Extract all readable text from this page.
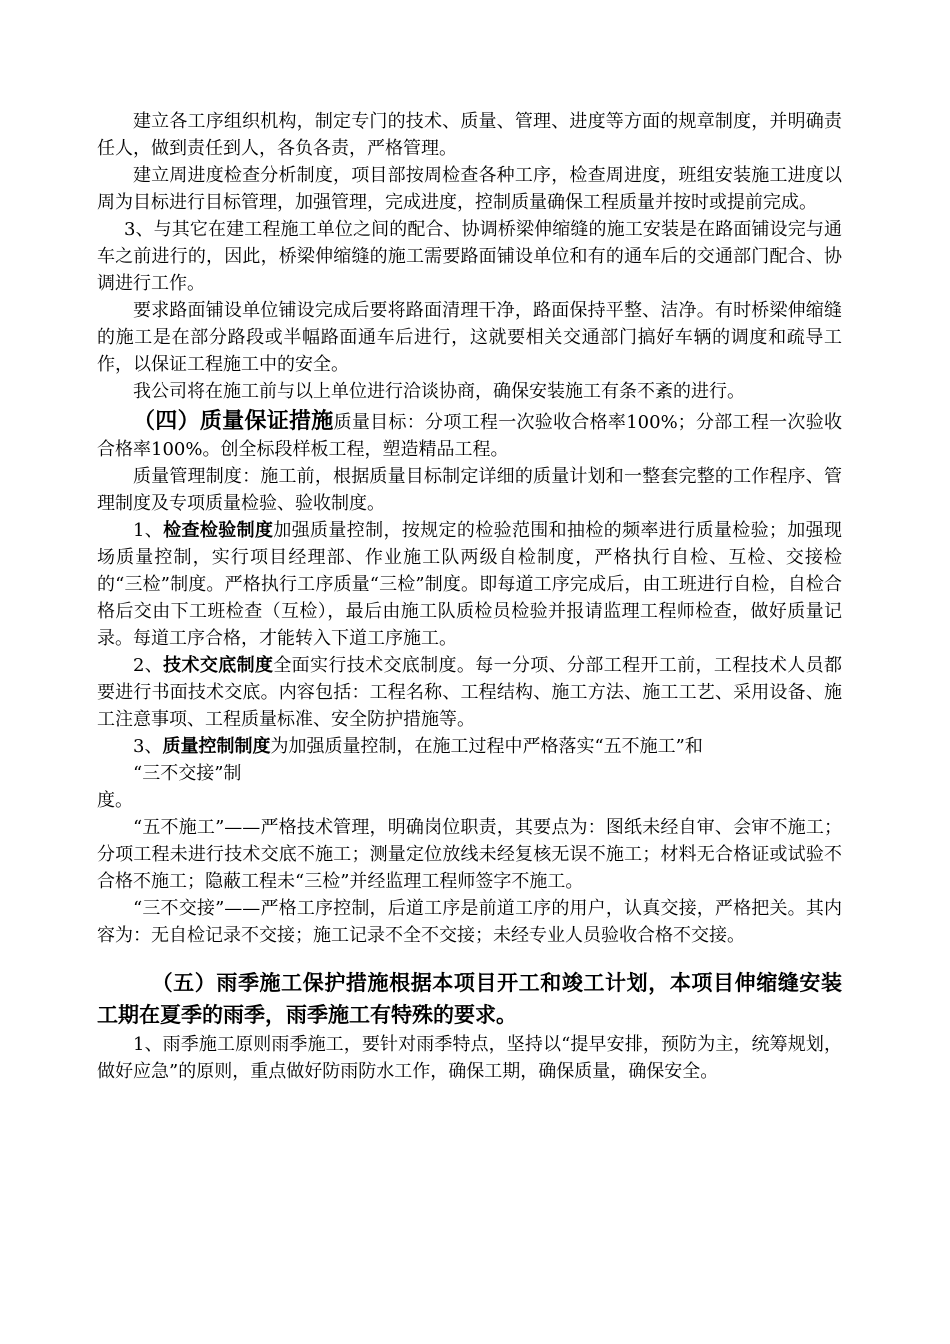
建立各工序组织机构，制定专门的技术、质量、管理、进度等方面的规章制度，并明确责任人，做到责任到人，各负各责，严格管理。

建立周进度检查分析制度，项目部按周检查各种工序，检查周进度，班组安装施工进度以周为目标进行目标管理，加强管理，完成进度，控制质量确保工程质量并按时或提前完成。

3、与其它在建工程施工单位之间的配合、协调桥梁伸缩缝的施工安装是在路面铺设完与通车之前进行的，因此，桥梁伸缩缝的施工需要路面铺设单位和有的通车后的交通部门配合、协调进行工作。

要求路面铺设单位铺设完成后要将路面清理干净，路面保持平整、洁净。有时桥梁伸缩缝的施工是在部分路段或半幅路面通车后进行，这就要相关交通部门搞好车辆的调度和疏导工作，以保证工程施工中的安全。

我公司将在施工前与以上单位进行洽谈协商，确保安装施工有条不紊的进行。

（四）质量保证措施质量目标：分项工程一次验收合格率100%；分部工程一次验收合格率100%。创全标段样板工程，塑造精品工程。

质量管理制度：施工前，根据质量目标制定详细的质量计划和一整套完整的工作程序、管理制度及专项质量检验、验收制度。

1、检查检验制度加强质量控制，按规定的检验范围和抽检的频率进行质量检验；加强现场质量控制，实行项目经理部、作业施工队两级自检制度，严格执行自检、互检、交接检的“三检”制度。严格执行工序质量“三检”制度。即每道工序完成后，由工班进行自检，自检合格后交由下工班检查（互检），最后由施工队质检员检验并报请监理工程师检查，做好质量记录。每道工序合格，才能转入下道工序施工。

2、技术交底制度全面实行技术交底制度。每一分项、分部工程开工前，工程技术人员都要进行书面技术交底。内容包括：工程名称、工程结构、施工方法、施工工艺、采用设备、施工注意事项、工程质量标准、安全防护措施等。

3、质量控制制度为加强质量控制，在施工过程中严格落实“五不施工”和

“三不交接”制

度。

“五不施工”——严格技术管理，明确岗位职责，其要点为：图纸未经自审、会审不施工；分项工程未进行技术交底不施工；测量定位放线未经复核无误不施工；材料无合格证或试验不合格不施工；隐蔽工程未“三检”并经监理工程师签字不施工。

“三不交接”——严格工序控制，后道工序是前道工序的用户，认真交接，严格把关。其内容为：无自检记录不交接；施工记录不全不交接；未经专业人员验收合格不交接。

（五）雨季施工保护措施根据本项目开工和竣工计划，本项目伸缩缝安装工期在夏季的雨季，雨季施工有特殊的要求。

1、雨季施工原则雨季施工，要针对雨季特点，坚持以“提早安排，预防为主，统筹规划，做好应急”的原则，重点做好防雨防水工作，确保工期，确保质量，确保安全。
